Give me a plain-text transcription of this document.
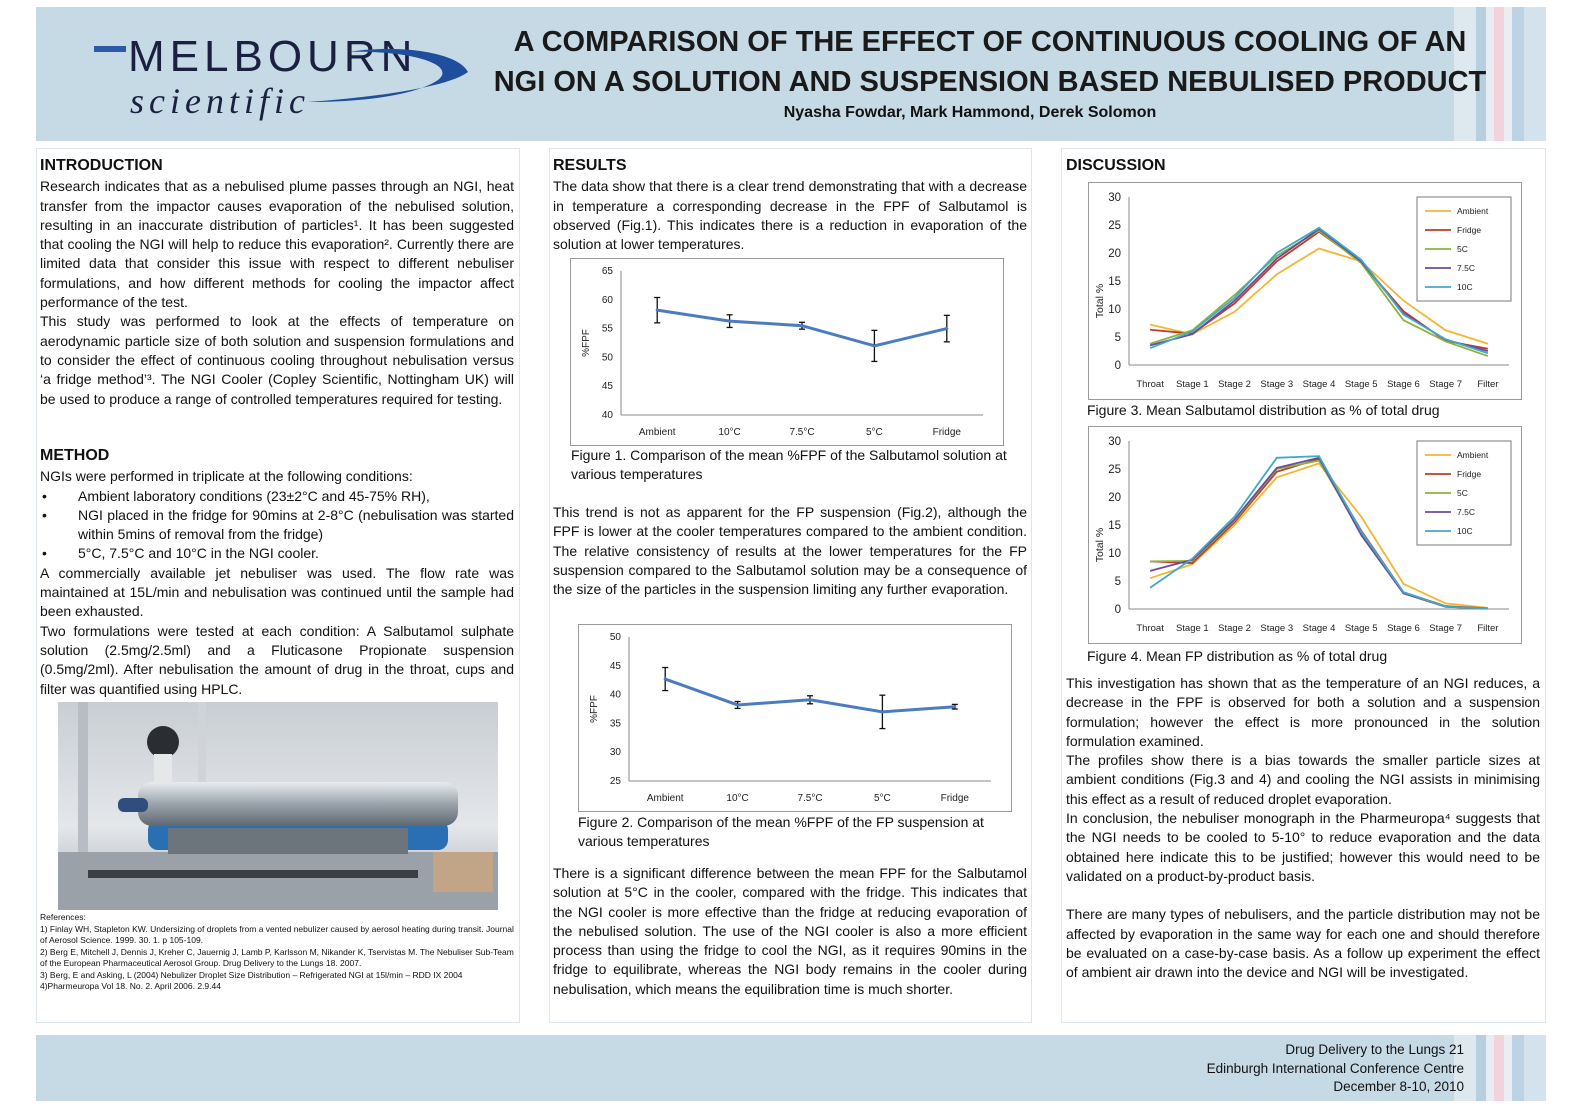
MELBOURN
scientific
A COMPARISON OF THE EFFECT OF CONTINUOUS COOLING OF AN
NGI ON A SOLUTION AND SUSPENSION BASED NEBULISED PRODUCT
Nyasha Fowdar, Mark Hammond, Derek Solomon
INTRODUCTION
Research indicates that as a nebulised plume passes through an NGI, heat transfer from the impactor causes evaporation of the nebulised solution, resulting in an inaccurate distribution of particles¹. It has been suggested that cooling the NGI will help to reduce this evaporation². Currently there are limited data that consider this issue with respect to different nebuliser formulations, and how different methods for cooling the impactor affect performance of the test.
This study was performed to look at the effects of temperature on aerodynamic particle size of both solution and suspension formulations and to consider the effect of continuous cooling throughout nebulisation versus ‘a fridge method’³. The NGI Cooler (Copley Scientific, Nottingham UK) will be used to produce a range of controlled temperatures required for testing.
METHOD
NGIs were performed in triplicate at the following conditions:
• Ambient laboratory conditions (23±2°C and 45-75% RH),
• NGI placed in the fridge for 90mins at 2-8°C (nebulisation was started within 5mins of removal from the fridge)
• 5°C, 7.5°C and 10°C in the NGI cooler.
A commercially available jet nebuliser was used. The flow rate was maintained at 15L/min and nebulisation was continued until the sample had been exhausted.
Two formulations were tested at each condition: A Salbutamol sulphate solution (2.5mg/2.5ml) and a Fluticasone Propionate suspension (0.5mg/2ml). After nebulisation the amount of drug in the throat, cups and filter was quantified using HPLC.
References:
1) Finlay WH, Stapleton KW. Undersizing of droplets from a vented nebulizer caused by aerosol heating during transit. Journal of Aerosol Science. 1999. 30. 1. p 105-109.
2) Berg E, Mitchell J, Dennis J, Kreher C, Jauernig J, Lamb P, Karlsson M, Nikander K, Tservistas M. The Nebuliser Sub-Team of the European Pharmaceutical Aerosol Group. Drug Delivery to the Lungs 18. 2007.
3) Berg, E and Asking, L (2004) Nebulizer Droplet Size Distribution – Refrigerated NGI at 15l/min – RDD IX 2004
4)Pharmeuropa Vol 18. No. 2. April 2006. 2.9.44
RESULTS
The data show that there is a clear trend demonstrating that with a decrease in temperature a corresponding decrease in the FPF of Salbutamol is observed (Fig.1). This indicates there is a reduction in evaporation of the solution at lower temperatures.
40
45
50
55
60
65
Ambient	10°C	7.5°C	5°C	Fridge
%FPF
Figure 1. Comparison of the mean %FPF of the Salbutamol solution at various temperatures
This trend is not as apparent for the FP suspension (Fig.2), although the FPF is lower at the cooler temperatures compared to the ambient condition. The relative consistency of results at the lower temperatures for the FP suspension compared to the Salbutamol solution may be a consequence of the size of the particles in the suspension limiting any further evaporation.
25
30
35
40
45
50
Ambient	10°C	7.5°C	5°C	Fridge
%FPF
Figure 2. Comparison of the mean %FPF of the FP suspension at various temperatures
There is a significant difference between the mean FPF for the Salbutamol solution at 5°C in the cooler, compared with the fridge. This indicates that the NGI cooler is more effective than the fridge at reducing evaporation of the nebulised solution. The use of the NGI cooler is also a more efficient process than using the fridge to cool the NGI, as it requires 90mins in the fridge to equilibrate, whereas the NGI body remains in the cooler during nebulisation, which means the equilibration time is much shorter.
DISCUSSION
0
5
10
15
20
25
30
Throat Stage 1 Stage 2 Stage 3 Stage 4 Stage 5 Stage 6 Stage 7 Filter
Total %
Ambient
Fridge
5C
7.5C
10C
Figure 3. Mean Salbutamol distribution as % of total drug
0
5
10
15
20
25
30
Throat Stage 1 Stage 2 Stage 3 Stage 4 Stage 5 Stage 6 Stage 7 Filter
Total %
Ambient
Fridge
5C
7.5C
10C
Figure 4. Mean FP distribution as % of total drug
This investigation has shown that as the temperature of an NGI reduces, a decrease in the FPF is observed for both a solution and a suspension formulation; however the effect is more pronounced in the solution formulation examined.
The profiles show there is a bias towards the smaller particle sizes at ambient conditions (Fig.3 and 4) and cooling the NGI assists in minimising this effect as a result of reduced droplet evaporation.
In conclusion, the nebuliser monograph in the Pharmeuropa⁴ suggests that the NGI needs to be cooled to 5-10° to reduce evaporation and the data obtained here indicate this to be justified; however this would need to be validated on a product-by-product basis.
There are many types of nebulisers, and the particle distribution may not be affected by evaporation in the same way for each one and should therefore be evaluated on a case-by-case basis. As a follow up experiment the effect of ambient air drawn into the device and NGI will be investigated.
Drug Delivery to the Lungs 21
Edinburgh International Conference Centre
December 8-10, 2010
